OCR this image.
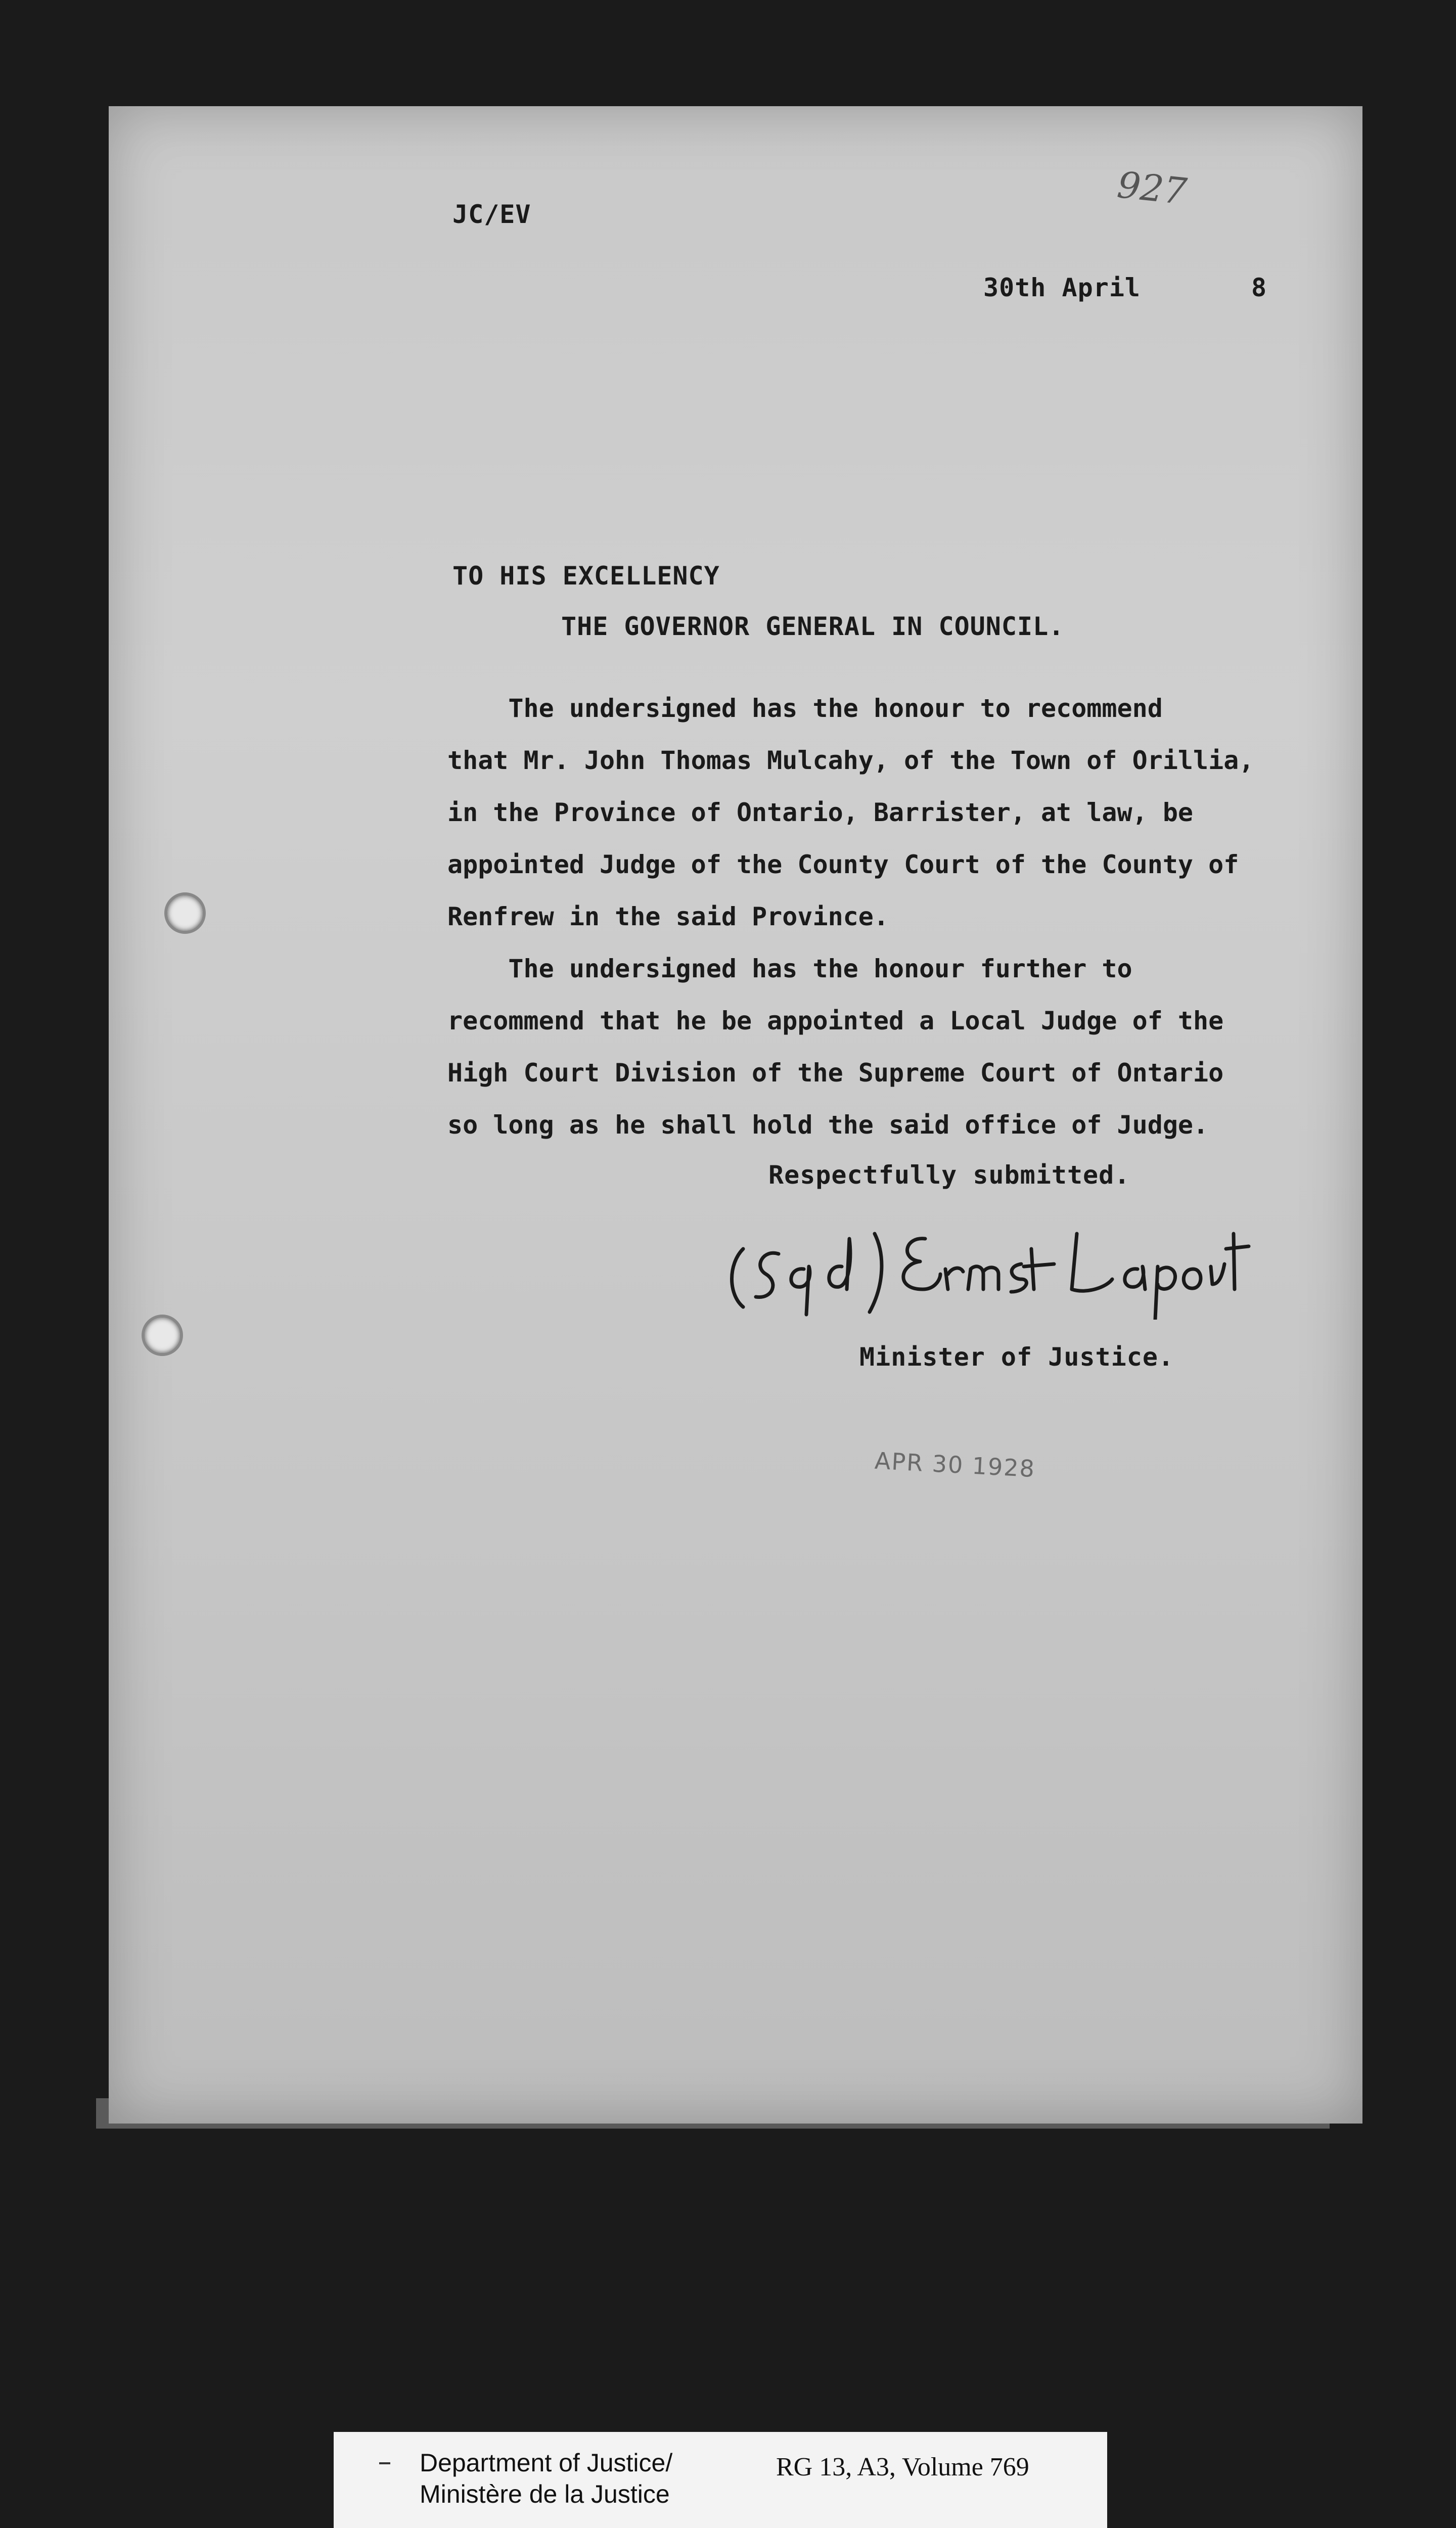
JC/EV
927
30th April	8
TO HIS EXCELLENCY
THE GOVERNOR GENERAL IN COUNCIL.
The undersigned has the honour to recommend
that Mr. John Thomas Mulcahy, of the Town of Orillia,
in the Province of Ontario, Barrister, at law, be
appointed Judge of the County Court of the County of
Renfrew in the said Province.
The undersigned has the honour further to
recommend that he be appointed a Local Judge of the
High Court Division of the Supreme Court of Ontario
so long as he shall hold the said office of Judge.
Respectfully submitted.
Minister of Justice.
APR 30 1928
Department of Justice/
Ministère de la Justice
RG 13, A3, Volume 769
